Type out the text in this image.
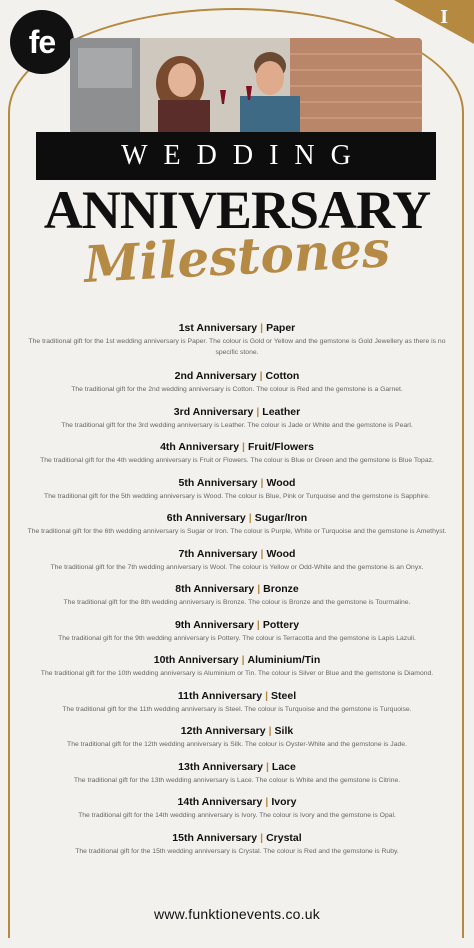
I
fe
WEDDING
ANNIVERSARY
Milestones
1st Anniversary | Paper
The traditional gift for the 1st wedding anniversary is Paper. The colour is Gold or Yellow and the gemstone is Gold Jewellery as there is no specific stone.
2nd Anniversary | Cotton
The traditional gift for the 2nd wedding anniversary is Cotton. The colour is Red and the gemstone is a Garnet.
3rd Anniversary | Leather
The traditional gift for the 3rd wedding anniversary is Leather. The colour is Jade or White and the gemstone is Pearl.
4th Anniversary | Fruit/Flowers
The traditional gift for the 4th wedding anniversary is Fruit or Flowers. The colour is Blue or Green and the gemstone is Blue Topaz.
5th Anniversary | Wood
The traditional gift for the 5th wedding anniversary is Wood. The colour is Blue, Pink or Turquoise and the gemstone is Sapphire.
6th Anniversary | Sugar/Iron
The traditional gift for the 6th wedding anniversary is Sugar or Iron. The colour is Purple, White or Turquoise and the gemstone is Amethyst.
7th Anniversary | Wood
The traditional gift for the 7th wedding anniversary is Wool. The colour is Yellow or Odd-White and the gemstone is an Onyx.
8th Anniversary | Bronze
The traditional gift for the 8th wedding anniversary is Bronze. The colour is Bronze and the gemstone is Tourmaline.
9th Anniversary | Pottery
The traditional gift for the 9th wedding anniversary is Pottery. The colour is Terracotta and the gemstone is Lapis Lazuli.
10th Anniversary | Aluminium/Tin
The traditional gift for the 10th wedding anniversary is Aluminium or Tin. The colour is Silver or Blue and the gemstone is Diamond.
11th Anniversary | Steel
The traditional gift for the 11th wedding anniversary is Steel. The colour is Turquoise and the gemstone is Turquoise.
12th Anniversary | Silk
The traditional gift for the 12th wedding anniversary is Silk. The colour is Oyster-White and the gemstone is Jade.
13th Anniversary | Lace
The traditional gift for the 13th wedding anniversary is Lace. The colour is White and the gemstone is Citrine.
14th Anniversary | Ivory
The traditional gift for the 14th wedding anniversary is Ivory. The colour is Ivory and the gemstone is Opal.
15th Anniversary | Crystal
The traditional gift for the 15th wedding anniversary is Crystal. The colour is Red and the gemstone is Ruby.
www.funktionevents.co.uk
